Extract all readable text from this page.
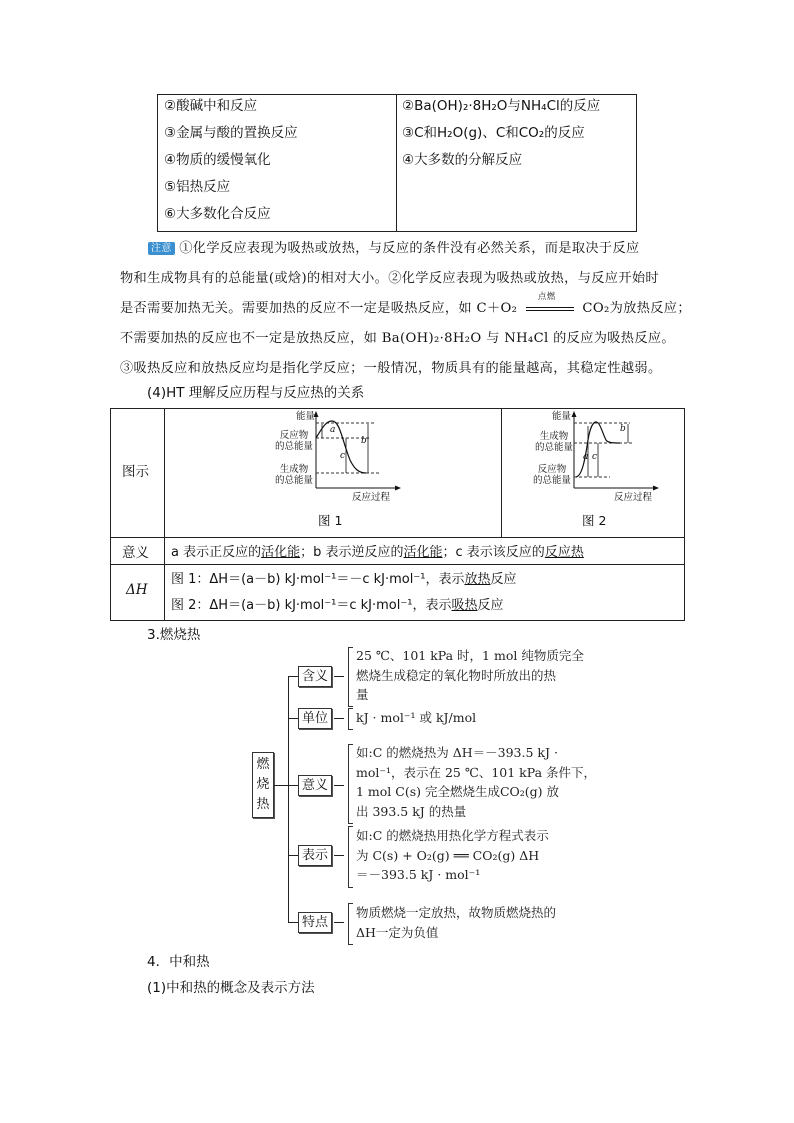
②酸碱中和反应
③金属与酸的置换反应
④物质的缓慢氧化
⑤铝热反应
⑥大多数化合反应
②Ba(OH)₂·8H₂O与NH₄Cl的反应
③C和H₂O(g)、C和CO₂的反应
④大多数的分解反应
注意 ①化学反应表现为吸热或放热，与反应的条件没有必然关系，而是取决于反应
物和生成物具有的总能量(或焓)的相对大小。②化学反应表现为吸热或放热，与反应开始时
是否需要加热无关。需要加热的反应不一定是吸热反应，如 C＋O₂
点燃
CO₂为放热反应；
不需要加热的反应也不一定是放热反应，如 Ba(OH)₂·8H₂O 与 NH₄Cl 的反应为吸热反应。
③吸热反应和放热反应均是指化学反应；一般情况，物质具有的能量越高，其稳定性越弱。
(4)HT 理解反应历程与反应热的关系
图示
意义
ΔH
能量
反应物
的总能量
生成物
的总能量
反应过程
a
b
c
图 1
能量
生成物
的总能量
反应物
的总能量
反应过程
a
b
c
图 2
a 表示正反应的活化能；b 表示逆反应的活化能；c 表示该反应的反应热
图 1：ΔH＝(a－b) kJ·mol⁻¹＝－c kJ·mol⁻¹，表示放热反应
图 2：ΔH＝(a－b) kJ·mol⁻¹＝c kJ·mol⁻¹，表示吸热反应
3.燃烧热
燃烧热
含义
单位
意义
表示
特点
25 ℃、101 kPa 时，1 mol 纯物质完全
燃烧生成稳定的氧化物时所放出的热
量
kJ · mol⁻¹ 或 kJ/mol
如:C 的燃烧热为 ΔH＝－393.5 kJ ·
mol⁻¹，表示在 25 ℃、101 kPa 条件下，
1 mol C(s) 完全燃烧生成CO₂(g) 放
出 393.5 kJ 的热量
如:C 的燃烧热用热化学方程式表示
为 C(s) + O₂(g) ══ CO₂(g) ΔH
＝－393.5 kJ · mol⁻¹
物质燃烧一定放热，故物质燃烧热的
ΔH一定为负值
4．中和热
(1)中和热的概念及表示方法
